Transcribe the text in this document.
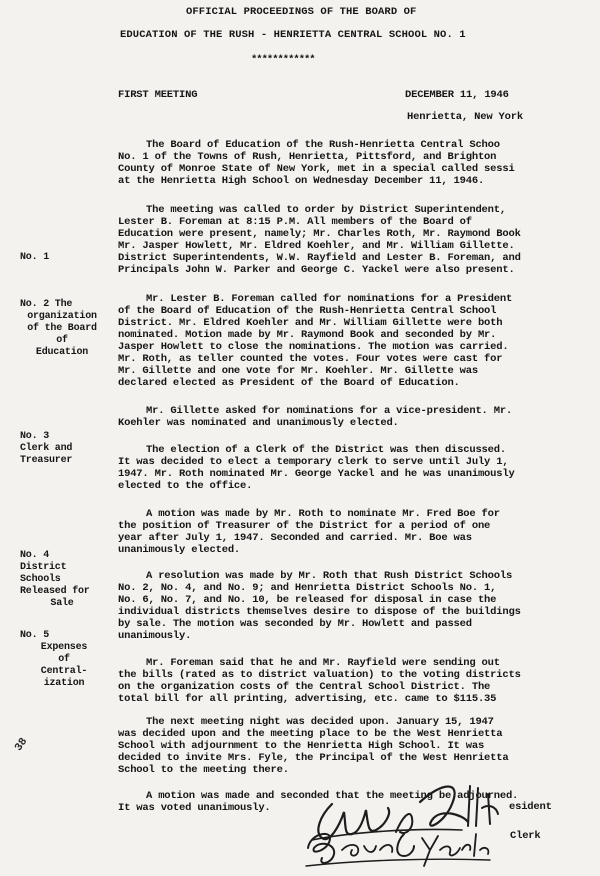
OFFICIAL PROCEEDINGS OF THE BOARD OF
EDUCATION OF THE RUSH - HENRIETTA CENTRAL SCHOOL NO. 1
************
FIRST MEETING	DECEMBER 11, 1946
Henrietta, New York
The Board of Education of the Rush-Henrietta Central Schoo
No. 1 of the Towns of Rush, Henrietta, Pittsford, and Brighton
County of Monroe State of New York, met in a special called sessi
at the Henrietta High School on Wednesday December 11, 1946.
The meeting was called to order by District Superintendent,
Lester B. Foreman at 8:15 P.M. All members of the Board of
Education were present, namely; Mr. Charles Roth, Mr. Raymond Book
Mr. Jasper Howlett, Mr. Eldred Koehler, and Mr. William Gillette.
District Superintendents, W.W. Rayfield and Lester B. Foreman, and
Principals John W. Parker and George C. Yackel were also present.
Mr. Lester B. Foreman called for nominations for a President
of the Board of Education of the Rush-Henrietta Central School
District. Mr. Eldred Koehler and Mr. William Gillette were both
nominated. Motion made by Mr. Raymond Book and seconded by Mr.
Jasper Howlett to close the nominations. The motion was carried.
Mr. Roth, as teller counted the votes. Four votes were cast for
Mr. Gillette and one vote for Mr. Koehler. Mr. Gillette was
declared elected as President of the Board of Education.
Mr. Gillette asked for nominations for a vice-president. Mr.
Koehler was nominated and unanimously elected.
The election of a Clerk of the District was then discussed.
It was decided to elect a temporary clerk to serve until July 1,
1947. Mr. Roth nominated Mr. George Yackel and he was unanimously
elected to the office.
A motion was made by Mr. Roth to nominate Mr. Fred Boe for
the position of Treasurer of the District for a period of one
year after July 1, 1947. Seconded and carried. Mr. Boe was
unanimously elected.
A resolution was made by Mr. Roth that Rush District Schools
No. 2, No. 4, and No. 9; and Henrietta District Schools No. 1,
No. 6, No. 7, and No. 10, be released for disposal in case the
individual districts themselves desire to dispose of the buildings
by sale. The motion was seconded by Mr. Howlett and passed
unanimously.
Mr. Foreman said that he and Mr. Rayfield were sending out
the bills (rated as to district valuation) to the voting districts
on the organization costs of the Central School District. The
total bill for all printing, advertising, etc. came to $115.35
The next meeting night was decided upon. January 15, 1947
was decided upon and the meeting place to be the West Henrietta
School with adjournment to the Henrietta High School. It was
decided to invite Mrs. Fyle, the Principal of the West Henrietta
School to the meeting there.
A motion was made and seconded that the meeting be adjourned.
It was voted unanimously.
No. 1
No. 2 The
organization
of the Board
of
Education
No. 3
Clerk and
Treasurer
No. 4
District
Schools
Released for
Sale
No. 5
Expenses
of
Central-
ization
38
esident
Clerk
